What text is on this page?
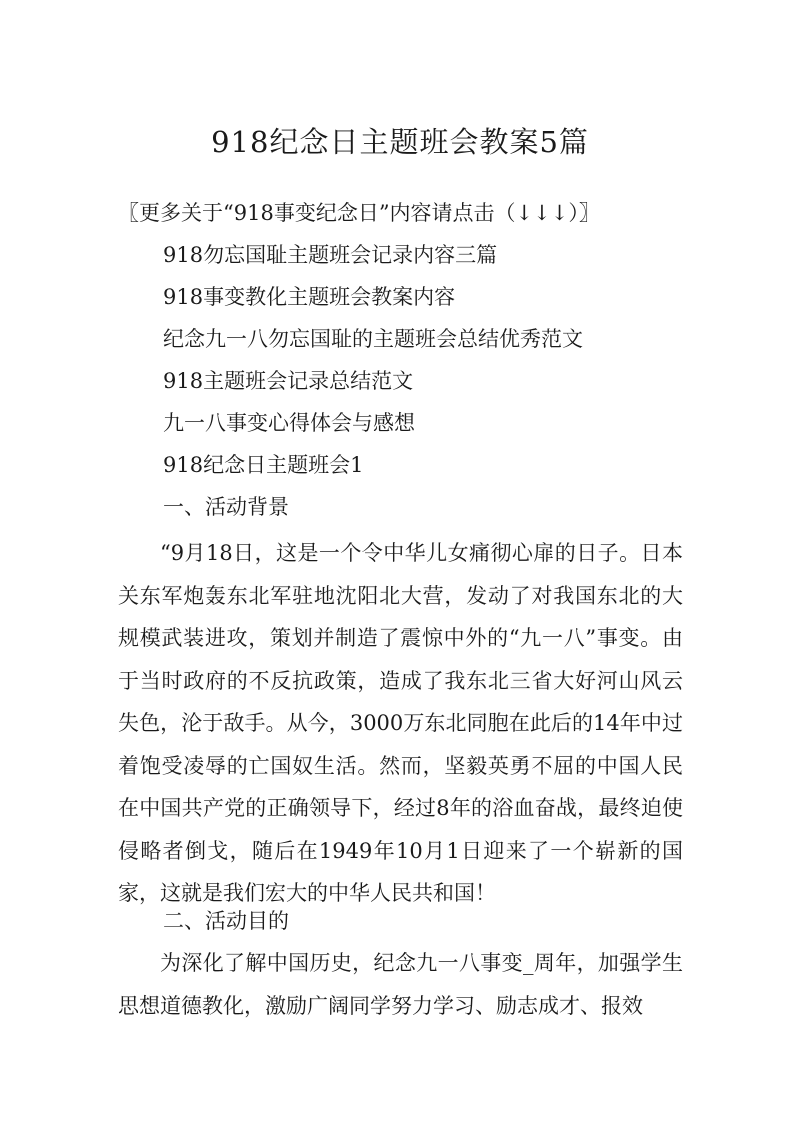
918纪念日主题班会教案5篇
〖更多关于“918事变纪念日”内容请点击（↓↓↓）〗
918勿忘国耻主题班会记录内容三篇
918事变教化主题班会教案内容
纪念九一八勿忘国耻的主题班会总结优秀范文
918主题班会记录总结范文
九一八事变心得体会与感想
918纪念日主题班会1
一、活动背景
“9月18日，这是一个令中华儿女痛彻心扉的日子。日本关东军炮轰东北军驻地沈阳北大营，发动了对我国东北的大规模武装进攻，策划并制造了震惊中外的“九一八”事变。由于当时政府的不反抗政策，造成了我东北三省大好河山风云失色，沦于敌手。从今，3000万东北同胞在此后的14年中过着饱受凌辱的亡国奴生活。然而，坚毅英勇不屈的中国人民在中国共产党的正确领导下，经过8年的浴血奋战，最终迫使侵略者倒戈，随后在1949年10月1日迎来了一个崭新的国家，这就是我们宏大的中华人民共和国！
二、活动目的
为深化了解中国历史，纪念九一八事变_周年，加强学生思想道德教化，激励广阔同学努力学习、励志成才、报效
